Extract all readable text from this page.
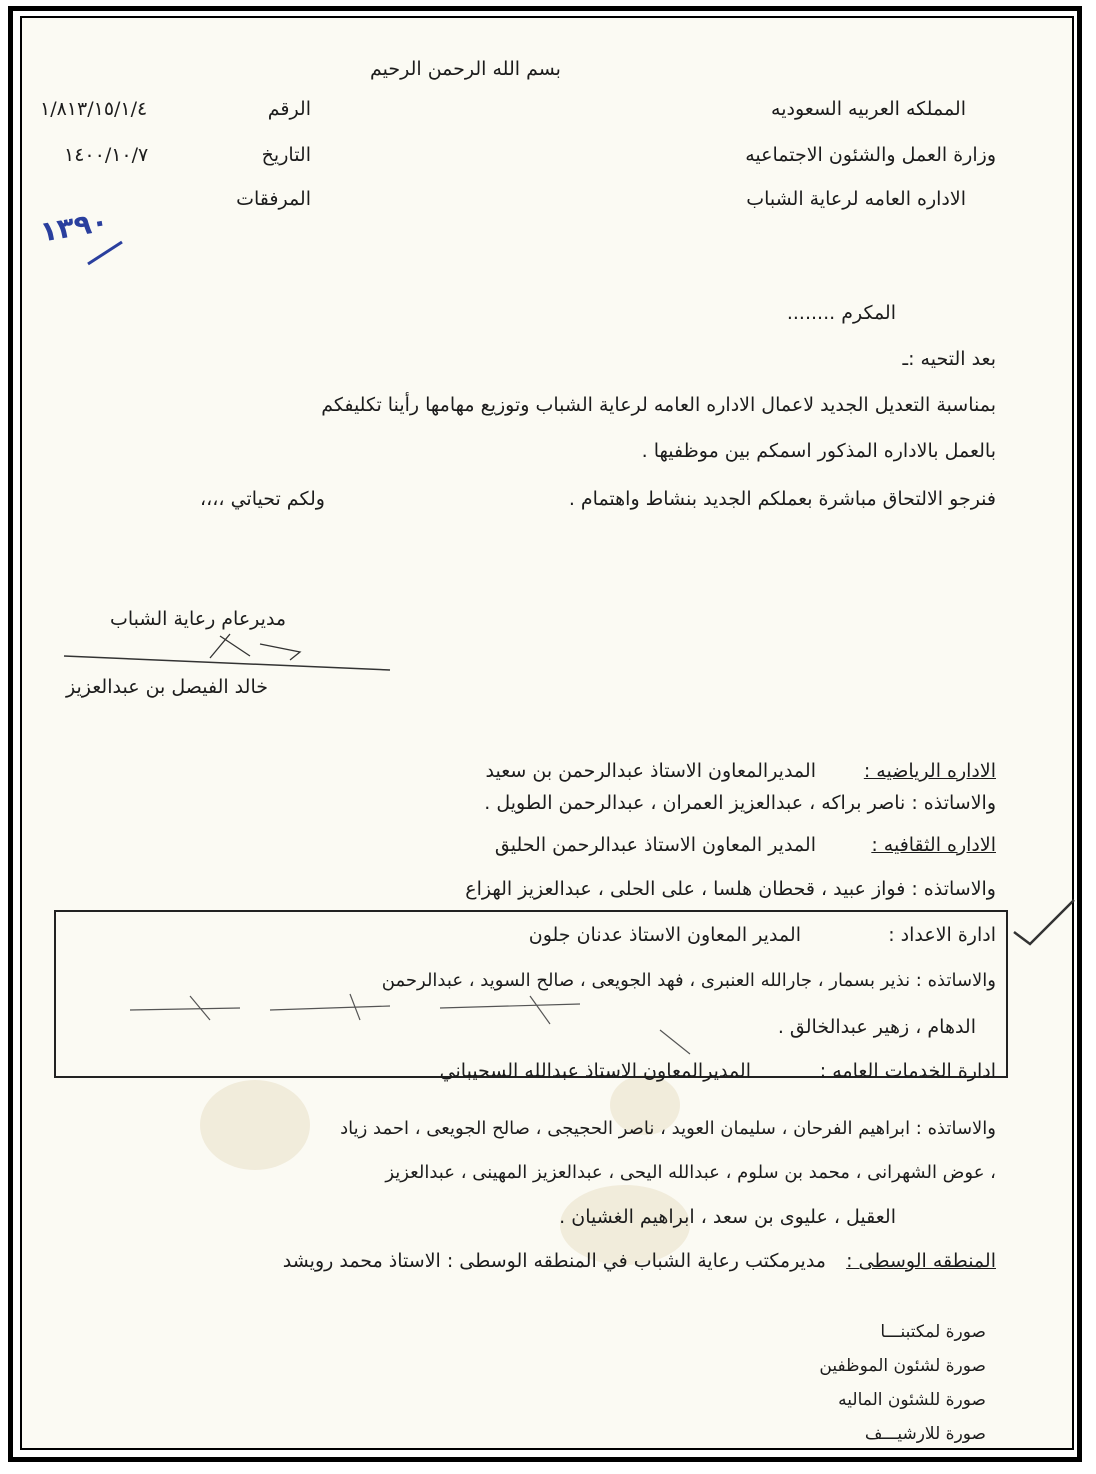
بسم الله الرحمن الرحيم
المملكه العربيه السعوديه
وزارة العمل والشئون الاجتماعيه
الاداره العامه لرعاية الشباب
الرقم
١/٨١٣/١٥/١/٤
التاريخ
١٤٠٠/١٠/٧
المرفقات
١٣٩٠
المكرم ........
بعد التحيه :ـ
بمناسبة التعديل الجديد لاعمال الاداره العامه لرعاية الشباب وتوزيع مهامها رأينا تكليفكم
بالعمل بالاداره المذكور اسمكم بين موظفيها .
فنرجو الالتحاق مباشرة بعملكم الجديد بنشاط واهتمام .
ولكم تحياتي ،،،،
مديرعام رعاية الشباب
خالد الفيصل بن عبدالعزيز
الاداره الرياضيه :
المديرالمعاون الاستاذ عبدالرحمن بن سعيد
والاساتذه : ناصر براكه ، عبدالعزيز العمران ، عبدالرحمن الطويل .
الاداره الثقافيه :
المدير المعاون الاستاذ عبدالرحمن الحليق
والاساتذه : فواز عبيد ، قحطان هلسا ، على الحلى ، عبدالعزيز الهزاع
ادارة الاعداد :
المدير المعاون الاستاذ عدنان جلون
والاساتذه : نذير بسمار ، جارالله العنبرى ، فهد الجويعى ، صالح السويد ، عبدالرحمن
الدهام ، زهير عبدالخالق .
ادارة الخدمات العامه :
المديرالمعاون الاستاذ عبدالله السحيباني
والاساتذه : ابراهيم الفرحان ، سليمان العويد ، ناصر الحجيجى ، صالح الجويعى ، احمد زياد
، عوض الشهرانى ، محمد بن سلوم ، عبدالله اليحى ، عبدالعزيز المهينى ، عبدالعزيز
العقيل ، عليوى بن سعد ، ابراهيم الغشيان .
المنطقه الوسطى :
مديرمكتب رعاية الشباب في المنطقه الوسطى : الاستاذ محمد رويشد
صورة لمكتبنـــا
صورة لشئون الموظفين
صورة للشئون الماليه
صورة للارشيـــف
